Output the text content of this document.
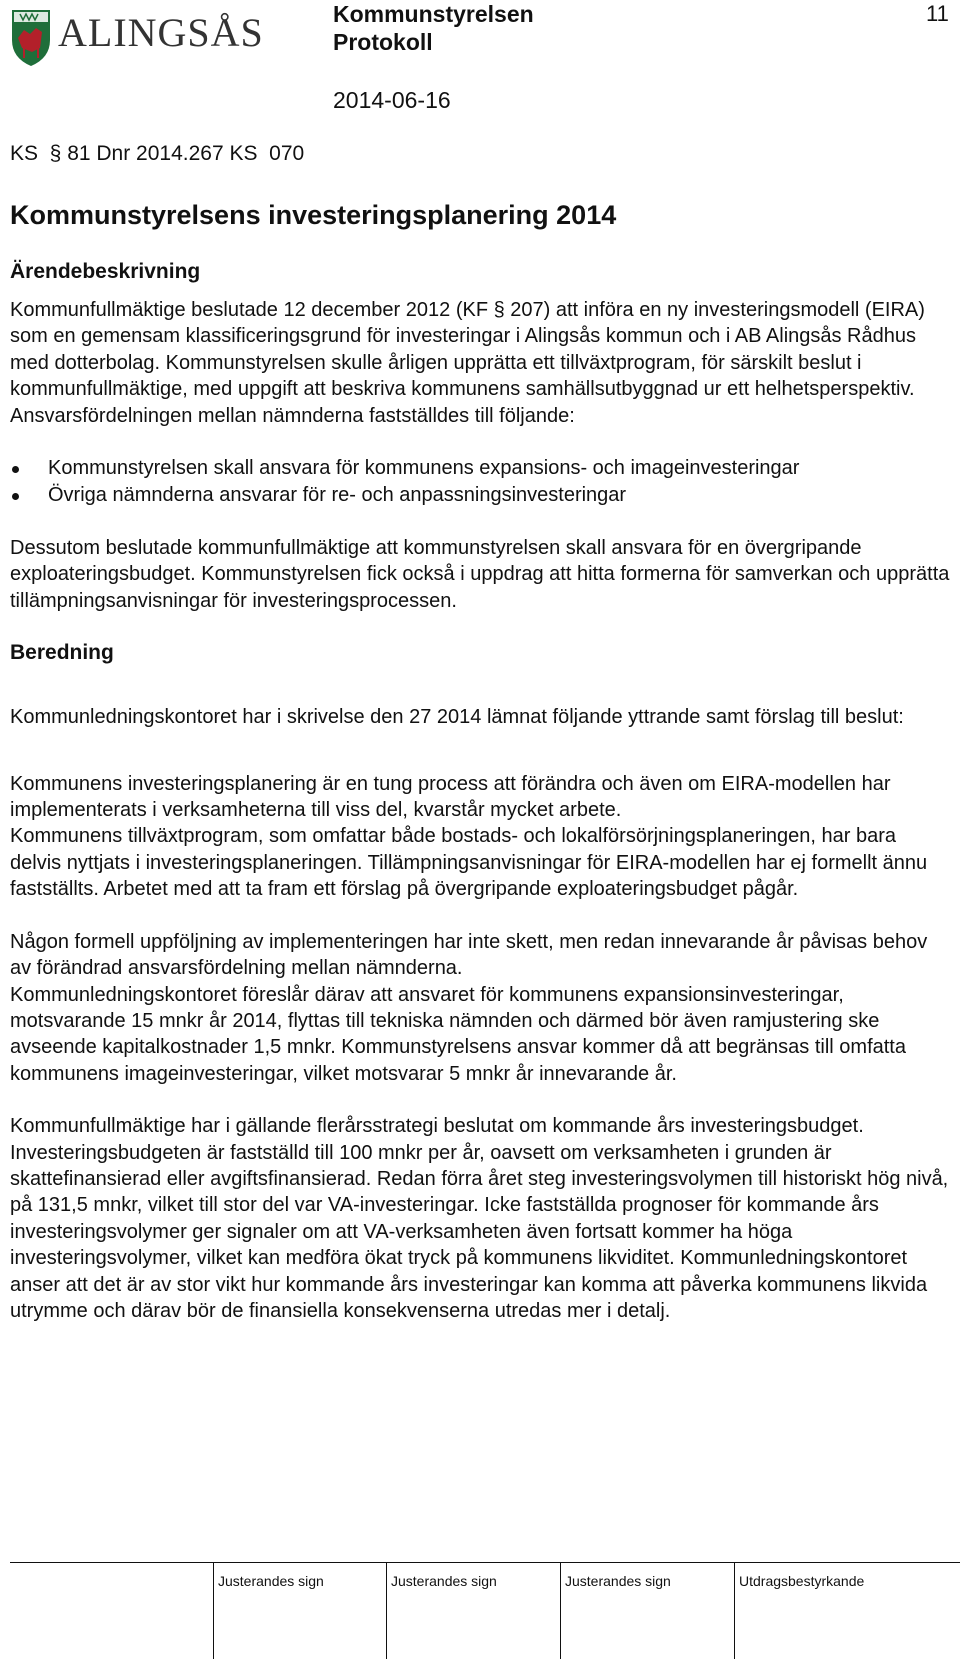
ALINGSÅS	Kommunstyrelsen
Protokoll
11
2014-06-16
KS  § 81 Dnr 2014.267 KS  070
Kommunstyrelsens investeringsplanering 2014
Ärendebeskrivning

Kommunfullmäktige beslutade 12 december 2012 (KF § 207) att införa en ny investeringsmodell (EIRA) som en gemensam klassificeringsgrund för investeringar i Alingsås kommun och i AB Alingsås Rådhus med dotterbolag. Kommunstyrelsen skulle årligen upprätta ett tillväxtprogram, för särskilt beslut i kommunfullmäktige, med uppgift att beskriva kommunens samhällsutbyggnad ur ett helhetsperspektiv.

Ansvarsfördelningen mellan nämnderna fastställdes till följande:

Kommunstyrelsen skall ansvara för kommunens expansions- och imageinvesteringar
Övriga nämnderna ansvarar för re- och anpassningsinvesteringar

Dessutom beslutade kommunfullmäktige att kommunstyrelsen skall ansvara för en övergripande exploateringsbudget. Kommunstyrelsen fick också i uppdrag att hitta formerna för samverkan och upprätta tillämpningsanvisningar för investeringsprocessen.

Beredning

Kommunledningskontoret har i skrivelse den 27 2014 lämnat följande yttrande samt förslag till beslut:

Kommunens investeringsplanering är en tung process att förändra och även om EIRA-modellen har implementerats i verksamheterna till viss del, kvarstår mycket arbete.

Kommunens tillväxtprogram, som omfattar både bostads- och lokalförsörjningsplaneringen, har bara delvis nyttjats i investeringsplaneringen. Tillämpningsanvisningar för EIRA-modellen har ej formellt ännu fastställts. Arbetet med att ta fram ett förslag på övergripande exploateringsbudget pågår.

Någon formell uppföljning av implementeringen har inte skett, men redan innevarande år påvisas behov av förändrad ansvarsfördelning mellan nämnderna.

Kommunledningskontoret föreslår därav att ansvaret för kommunens expansionsinvesteringar, motsvarande 15 mnkr år 2014, flyttas till tekniska nämnden och därmed bör även ramjustering ske avseende kapitalkostnader 1,5 mnkr. Kommunstyrelsens ansvar kommer då att begränsas till omfatta kommunens imageinvesteringar, vilket motsvarar 5 mnkr år innevarande år.

Kommunfullmäktige har i gällande flerårsstrategi beslutat om kommande års investeringsbudget. Investeringsbudgeten är fastställd till 100 mnkr per år, oavsett om verksamheten i grunden är skattefinansierad eller avgiftsfinansierad. Redan förra året steg investeringsvolymen till historiskt hög nivå, på 131,5 mnkr, vilket till stor del var VA-investeringar. Icke fastställda prognoser för kommande års investeringsvolymer ger signaler om att VA-verksamheten även fortsatt kommer ha höga investeringsvolymer, vilket kan medföra ökat tryck på kommunens likviditet. Kommunledningskontoret anser att det är av stor vikt hur kommande års investeringar kan komma att påverka kommunens likvida utrymme och därav bör de finansiella konsekvenserna utredas mer i detalj.

Justerandes sign	Justerandes sign	Justerandes sign	Utdragsbestyrkande
